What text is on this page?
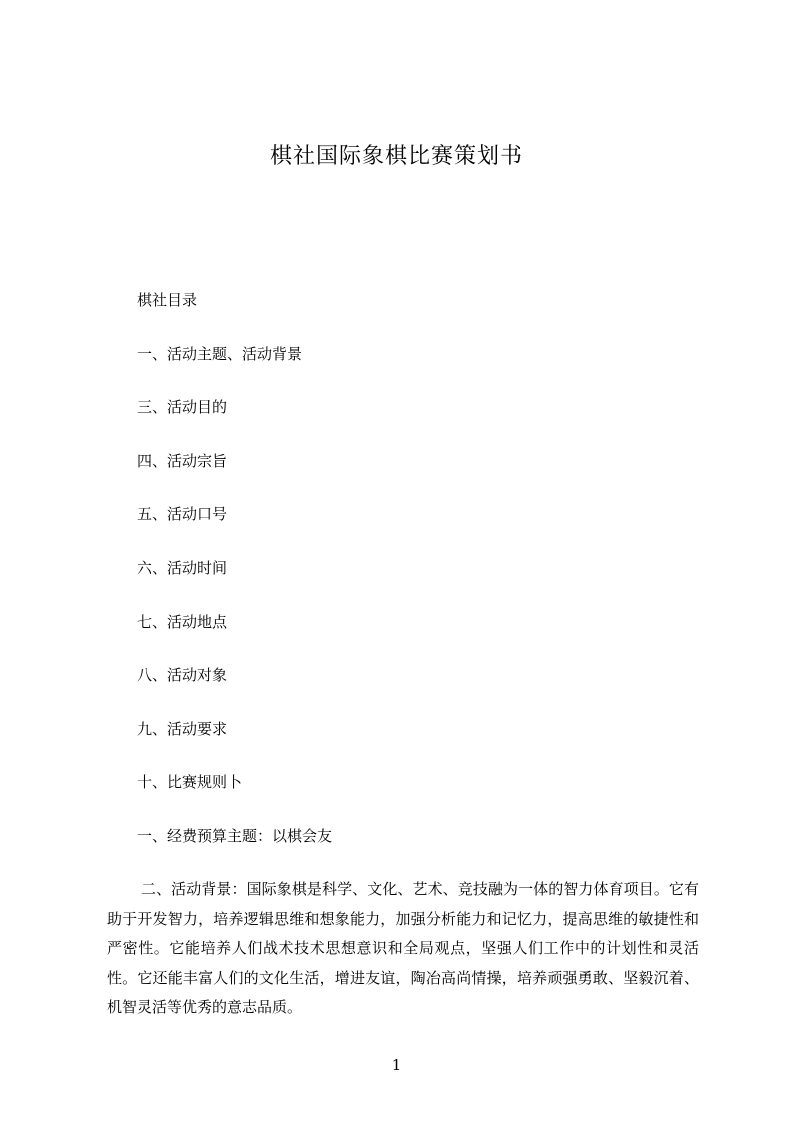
棋社国际象棋比赛策划书
棋社目录
一、活动主题、活动背景
三、活动目的
四、活动宗旨
五、活动口号
六、活动时间
七、活动地点
八、活动对象
九、活动要求
十、比赛规则卜
一、经费预算主题：以棋会友

二、活动背景：国际象棋是科学、文化、艺术、竞技融为一体的智力体育项目。它有助于开发智力，培养逻辑思维和想象能力，加强分析能力和记忆力，提高思维的敏捷性和严密性。它能培养人们战术技术思想意识和全局观点，坚强人们工作中的计划性和灵活性。它还能丰富人们的文化生活，增进友谊，陶冶高尚情操，培养顽强勇敢、坚毅沉着、机智灵活等优秀的意志品质。

1
